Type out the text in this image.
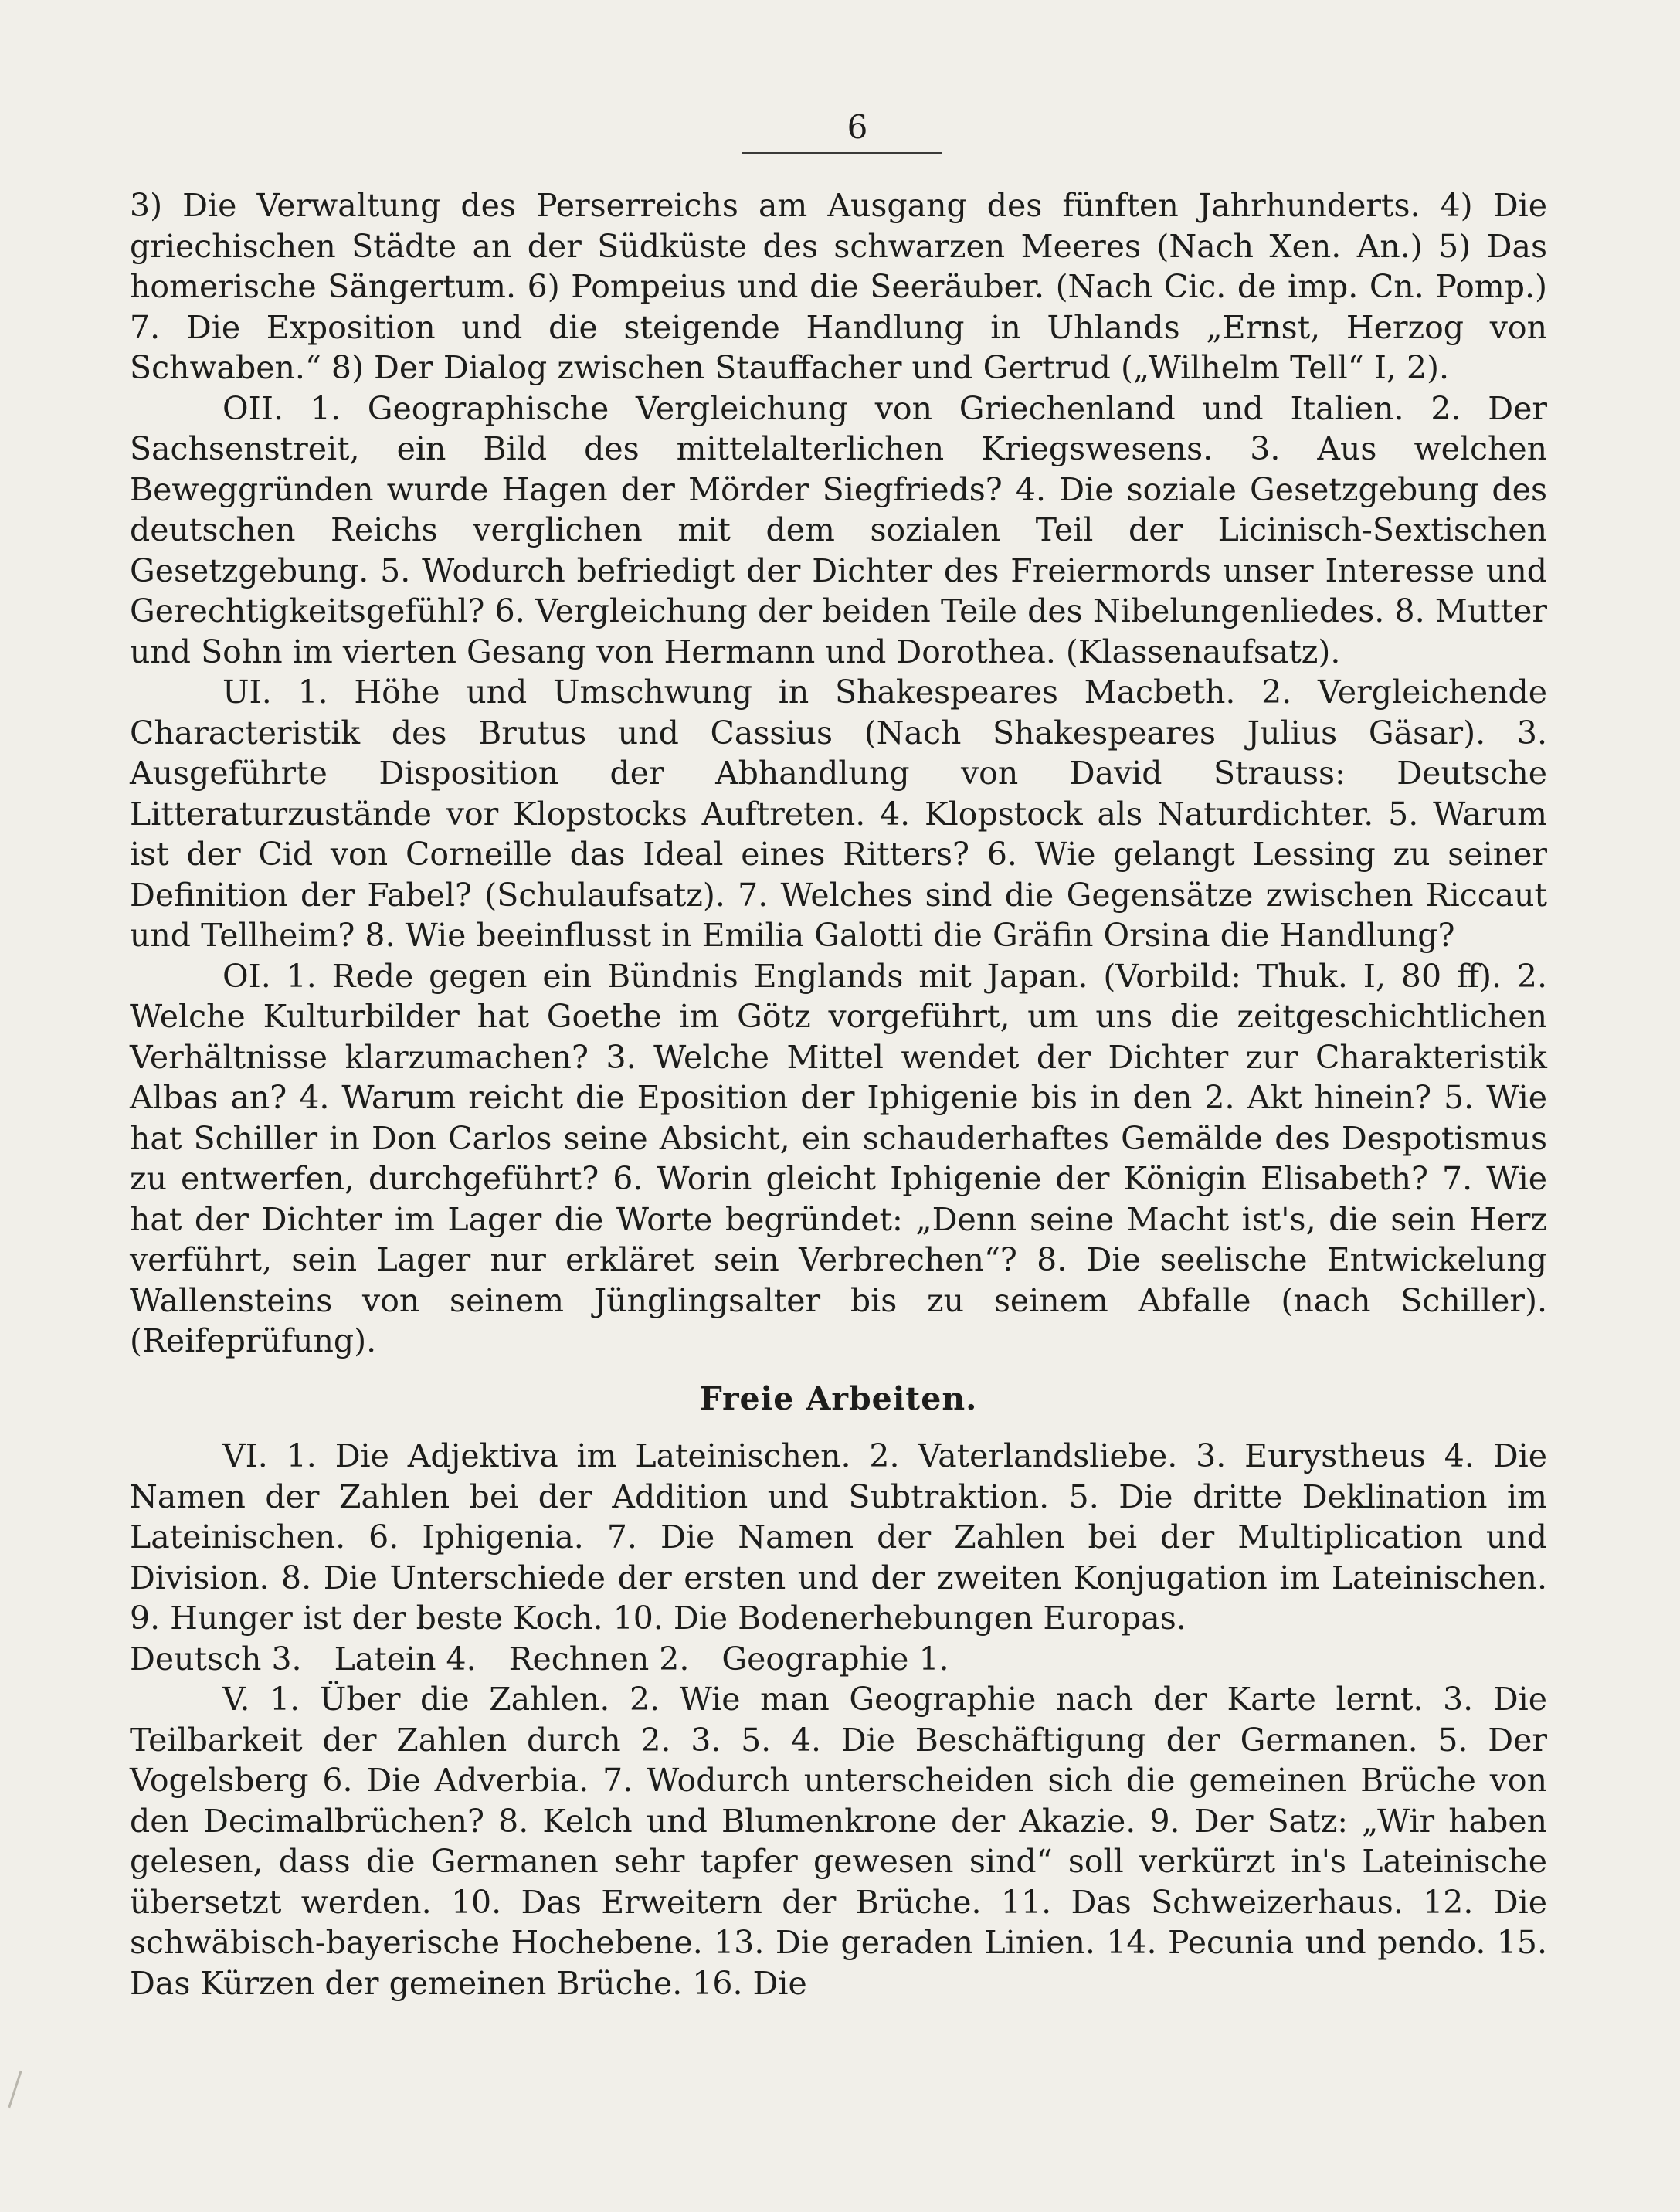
6

3) Die Verwaltung des Perserreichs am Ausgang des fünften Jahrhunderts. 4) Die griechischen Städte an der Südküste des schwarzen Meeres (Nach Xen. An.) 5) Das homerische Sängertum. 6) Pompeius und die Seeräuber. (Nach Cic. de imp. Cn. Pomp.) 7. Die Exposition und die steigende Handlung in Uhlands „Ernst, Herzog von Schwaben.“ 8) Der Dialog zwischen Stauffacher und Gertrud („Wilhelm Tell“ I, 2).

OII. 1. Geographische Vergleichung von Griechenland und Italien. 2. Der Sachsenstreit, ein Bild des mittelalterlichen Kriegswesens. 3. Aus welchen Beweggründen wurde Hagen der Mörder Siegfrieds? 4. Die soziale Gesetzgebung des deutschen Reichs verglichen mit dem sozialen Teil der Licinisch-Sextischen Gesetzgebung. 5. Wodurch befriedigt der Dichter des Freiermords unser Interesse und Gerechtigkeitsgefühl? 6. Vergleichung der beiden Teile des Nibelungenliedes. 8. Mutter und Sohn im vierten Gesang von Hermann und Dorothea. (Klassenaufsatz).

UI. 1. Höhe und Umschwung in Shakespeares Macbeth. 2. Vergleichende Characteristik des Brutus und Cassius (Nach Shakespeares Julius Gäsar). 3. Ausgeführte Disposition der Abhandlung von David Strauss: Deutsche Litteraturzustände vor Klopstocks Auftreten. 4. Klopstock als Naturdichter. 5. Warum ist der Cid von Corneille das Ideal eines Ritters? 6. Wie gelangt Lessing zu seiner Definition der Fabel? (Schulaufsatz). 7. Welches sind die Gegensätze zwischen Riccaut und Tellheim? 8. Wie beeinflusst in Emilia Galotti die Gräfin Orsina die Handlung?

OI. 1. Rede gegen ein Bündnis Englands mit Japan. (Vorbild: Thuk. I, 80 ff). 2. Welche Kulturbilder hat Goethe im Götz vorgeführt, um uns die zeitgeschichtlichen Verhältnisse klarzumachen? 3. Welche Mittel wendet der Dichter zur Charakteristik Albas an? 4. Warum reicht die Eposition der Iphigenie bis in den 2. Akt hinein? 5. Wie hat Schiller in Don Carlos seine Absicht, ein schauderhaftes Gemälde des Despotismus zu entwerfen, durchgeführt? 6. Worin gleicht Iphigenie der Königin Elisabeth? 7. Wie hat der Dichter im Lager die Worte begründet: „Denn seine Macht ist's, die sein Herz verführt, sein Lager nur erkläret sein Verbrechen“? 8. Die seelische Entwickelung Wallensteins von seinem Jünglingsalter bis zu seinem Abfalle (nach Schiller). (Reifeprüfung).

Freie Arbeiten.

VI. 1. Die Adjektiva im Lateinischen. 2. Vaterlandsliebe. 3. Eurystheus 4. Die Namen der Zahlen bei der Addition und Subtraktion. 5. Die dritte Deklination im Lateinischen. 6. Iphigenia. 7. Die Namen der Zahlen bei der Multiplication und Division. 8. Die Unterschiede der ersten und der zweiten Konjugation im Lateinischen. 9. Hunger ist der beste Koch. 10. Die Bodenerhebungen Europas.

Deutsch 3. Latein 4. Rechnen 2. Geographie 1.

V. 1. Über die Zahlen. 2. Wie man Geographie nach der Karte lernt. 3. Die Teilbarkeit der Zahlen durch 2. 3. 5. 4. Die Beschäftigung der Germanen. 5. Der Vogelsberg 6. Die Adverbia. 7. Wodurch unterscheiden sich die gemeinen Brüche von den Decimalbrüchen? 8. Kelch und Blumenkrone der Akazie. 9. Der Satz: „Wir haben gelesen, dass die Germanen sehr tapfer gewesen sind“ soll verkürzt in's Lateinische übersetzt werden. 10. Das Erweitern der Brüche. 11. Das Schweizerhaus. 12. Die schwäbisch-bayerische Hochebene. 13. Die geraden Linien. 14. Pecunia und pendo. 15. Das Kürzen der gemeinen Brüche. 16. Die
